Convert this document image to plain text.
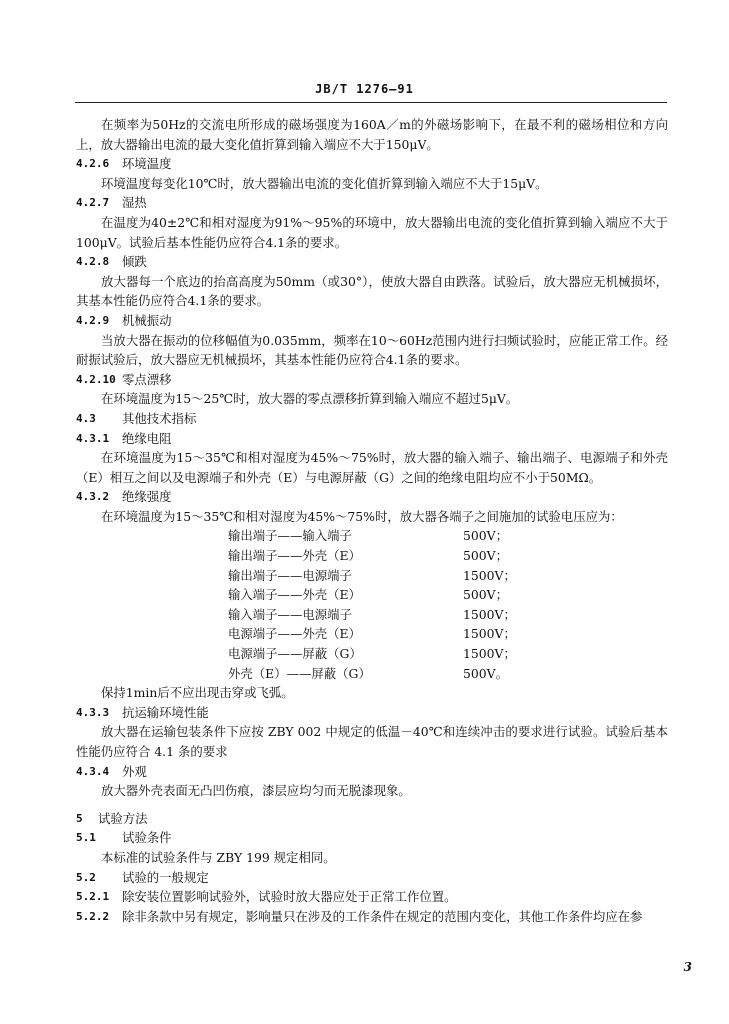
JB/T 1276—91

在频率为50Hz的交流电所形成的磁场强度为160A／m的外磁场影响下，在最不利的磁场相位和方向上，放大器输出电流的最大变化值折算到输入端应不大于150μV。

4.2.6	环境温度

环境温度每变化10℃时，放大器输出电流的变化值折算到输入端应不大于15μV。

4.2.7	湿热

在温度为40±2℃和相对湿度为91%～95%的环境中，放大器输出电流的变化值折算到输入端应不大于100μV。试验后基本性能仍应符合4.1条的要求。

4.2.8	倾跌

放大器每一个底边的抬高高度为50mm（或30°），使放大器自由跌落。试验后，放大器应无机械损坏，其基本性能仍应符合4.1条的要求。

4.2.9	机械振动

当放大器在振动的位移幅值为0.035mm，频率在10～60Hz范围内进行扫频试验时，应能正常工作。经耐振试验后，放大器应无机械损坏，其基本性能仍应符合4.1条的要求。

4.2.10 零点漂移

在环境温度为15～25℃时，放大器的零点漂移折算到输入端应不超过5μV。

4.3	其他技术指标
4.3.1	绝缘电阻

在环境温度为15～35℃和相对湿度为45%～75%时，放大器的输入端子、输出端子、电源端子和外壳（E）相互之间以及电源端子和外壳（E）与电源屏蔽（G）之间的绝缘电阻均应不小于50MΩ。

4.3.2	绝缘强度

在环境温度为15～35℃和相对湿度为45%～75%时，放大器各端子之间施加的试验电压应为：

输出端子——输入端子	500V；
输出端子——外壳（E）	500V；
输出端子——电源端子	1500V；
输入端子——外壳（E）	500V；
输入端子——电源端子	1500V；
电源端子——外壳（E）	1500V；
电源端子——屏蔽（G）	1500V；
外壳（E）——屏蔽（G）	500V。

保持1min后不应出现击穿或飞弧。

4.3.3	抗运输环境性能

放大器在运输包装条件下应按 ZBY 002 中规定的低温－40℃和连续冲击的要求进行试验。试验后基本性能仍应符合 4.1 条的要求

4.3.4	外观

放大器外壳表面无凸凹伤痕，漆层应均匀而无脱漆现象。

5	试验方法
5.1	试验条件

本标准的试验条件与 ZBY 199 规定相同。

5.2	试验的一般规定
5.2.1	除安装位置影响试验外，试验时放大器应处于正常工作位置。
5.2.2	除非条款中另有规定，影响量只在涉及的工作条件在规定的范围内变化，其他工作条件均应在参
3
